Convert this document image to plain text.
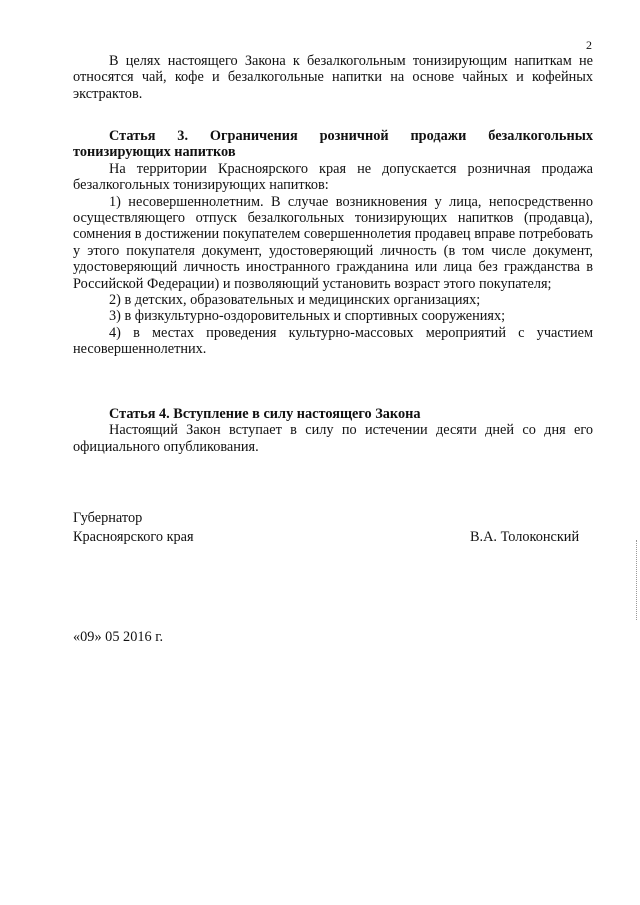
2

В целях настоящего Закона к безалкогольным тонизирующим напиткам не относятся чай, кофе и безалкогольные напитки на основе чайных и кофейных экстрактов.

Статья 3. Ограничения розничной продажи безалкогольных тонизирующих напитков

На территории Красноярского края не допускается розничная продажа безалкогольных тонизирующих напитков:

1) несовершеннолетним. В случае возникновения у лица, непосредственно осуществляющего отпуск безалкогольных тонизирующих напитков (продавца), сомнения в достижении покупателем совершеннолетия продавец вправе потребовать у этого покупателя документ, удостоверяющий личность (в том числе документ, удостоверяющий личность иностранного гражданина или лица без гражданства в Российской Федерации) и позволяющий установить возраст этого покупателя;

2) в детских, образовательных и медицинских организациях;

3) в физкультурно-оздоровительных и спортивных сооружениях;

4) в местах проведения культурно-массовых мероприятий с участием несовершеннолетних.

Статья 4. Вступление в силу настоящего Закона

Настоящий Закон вступает в силу по истечении десяти дней со дня его официального опубликования.

Губернатор
Красноярского края	В.А. Толоконский
«09» 05 2016 г.
